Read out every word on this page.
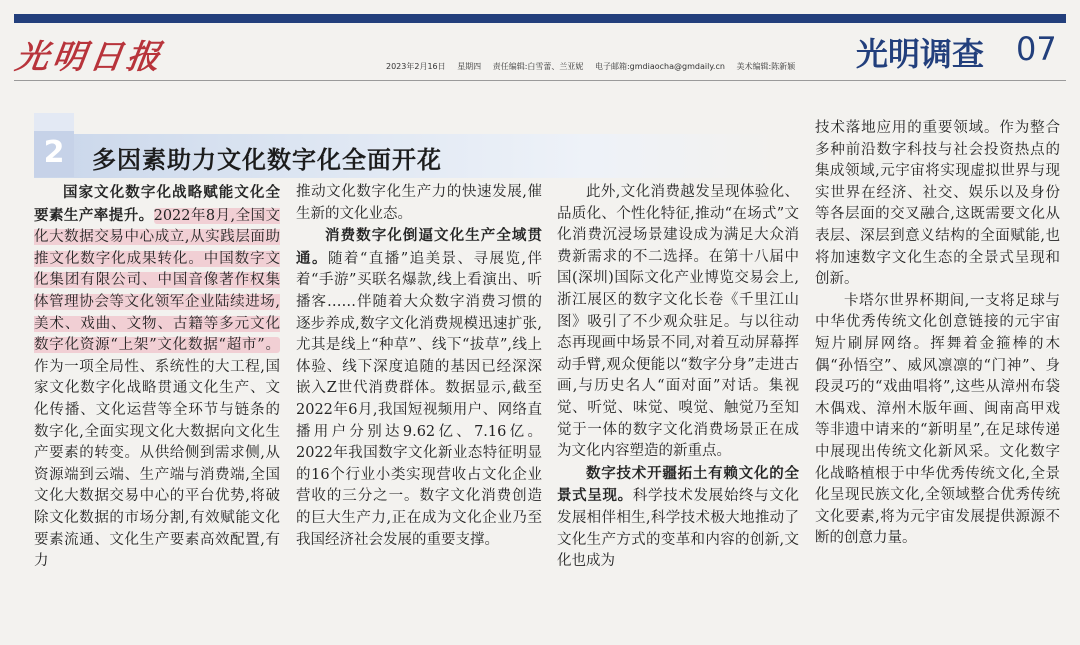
光明日报	2023年2月16日 星期四 责任编辑:白雪蕾、兰亚妮 电子邮箱:gmdiaocha@gmdaily.cn 美术编辑:陈新颖 光明调查 07
2	多因素助力文化数字化全面开花

国家文化数字化战略赋能文化全要素生产率提升。2022年8月,全国文化大数据交易中心成立,从实践层面助推文化数字化成果转化。中国数字文化集团有限公司、中国音像著作权集体管理协会等文化领军企业陆续进场,美术、戏曲、文物、古籍等多元文化数字化资源“上架”文化数据“超市”。作为一项全局性、系统性的大工程,国家文化数字化战略贯通文化生产、文化传播、文化运营等全环节与链条的数字化,全面实现文化大数据向文化生产要素的转变。从供给侧到需求侧,从资源端到云端、生产端与消费端,全国文化大数据交易中心的平台优势,将破除文化数据的市场分割,有效赋能文化要素流通、文化生产要素高效配置,有力

推动文化数字化生产力的快速发展,催生新的文化业态。

消费数字化倒逼文化生产全域贯通。随着“直播”追美景、寻展览,伴着“手游”买联名爆款,线上看演出、听播客……伴随着大众数字消费习惯的逐步养成,数字文化消费规模迅速扩张,尤其是线上“种草”、线下“拔草”,线上体验、线下深度追随的基因已经深深嵌入Z世代消费群体。数据显示,截至2022年6月,我国短视频用户、网络直播用户分别达9.62亿、7.16亿。2022年我国数字文化新业态特征明显的16个行业小类实现营收占文化企业营收的三分之一。数字文化消费创造的巨大生产力,正在成为文化企业乃至我国经济社会发展的重要支撑。

此外,文化消费越发呈现体验化、品质化、个性化特征,推动“在场式”文化消费沉浸场景建设成为满足大众消费新需求的不二选择。在第十八届中国(深圳)国际文化产业博览交易会上,浙江展区的数字文化长卷《千里江山图》吸引了不少观众驻足。与以往动态再现画中场景不同,对着互动屏幕挥动手臂,观众便能以“数字分身”走进古画,与历史名人“面对面”对话。集视觉、听觉、味觉、嗅觉、触觉乃至知觉于一体的数字文化消费场景正在成为文化内容塑造的新重点。

数字技术开疆拓土有赖文化的全景式呈现。科学技术发展始终与文化发展相伴相生,科学技术极大地推动了文化生产方式的变革和内容的创新,文化也成为

技术落地应用的重要领域。作为整合多种前沿数字科技与社会投资热点的集成领域,元宇宙将实现虚拟世界与现实世界在经济、社交、娱乐以及身份等各层面的交叉融合,这既需要文化从表层、深层到意义结构的全面赋能,也将加速数字文化生态的全景式呈现和创新。

卡塔尔世界杯期间,一支将足球与中华优秀传统文化创意链接的元宇宙短片刷屏网络。挥舞着金箍棒的木偶“孙悟空”、威风凛凛的“门神”、身段灵巧的“戏曲唱将”,这些从漳州布袋木偶戏、漳州木版年画、闽南高甲戏等非遗中请来的“新明星”,在足球传递中展现出传统文化新风采。文化数字化战略植根于中华优秀传统文化,全景化呈现民族文化,全领域整合优秀传统文化要素,将为元宇宙发展提供源源不断的创意力量。
